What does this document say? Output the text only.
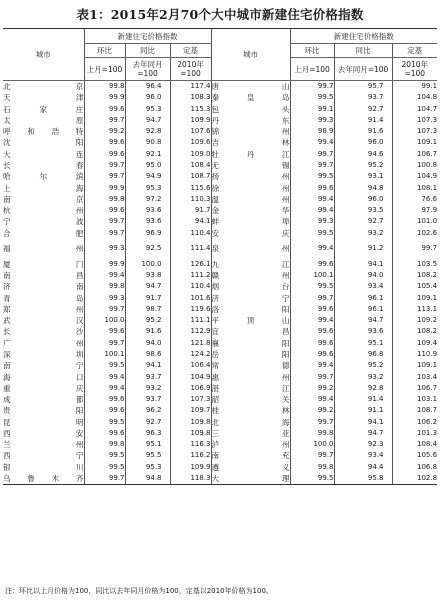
表1：2015年2月70个大中城市新建住宅价格指数
城市	新建住宅价格指数			城市	新建住宅价格指数		
	环比	同比	定基		环比	同比	定基
	上月=100	去年同月=100	2010年=100		上月=100	去年同月=100	2010年=100
北　京	99.8	96.4	117.4	唐　山	99.7	95.7	99.1
天　津	99.9	96.0	108.3	秦皇岛	99.5	93.7	104.8
石家庄	99.6	95.3	115.3	包　头	99.1	92.7	104.7
太　原	99.7	94.7	109.9	丹　东	99.3	91.4	107.3
呼和浩特	99.2	92.8	107.6	锦　州	98.9	91.6	107.3
沈　阳	99.6	90.8	109.6	吉　林	99.4	96.0	109.1
大　连	99.6	92.1	109.0	牡丹江	99.7	94.6	106.7
长　春	99.7	95.0	108.4	无　锡	99.7	95.2	100.8
哈尔滨	99.7	94.9	108.7	扬　州	99.5	93.1	104.9
上　海	99.9	95.3	115.6	徐　州	99.6	94.8	108.1
南　京	99.8	97.2	110.3	温　州	99.4	96.0	76.6
杭　州	99.6	93.6	91.7	金　华	99.4	93.5	97.9
宁　波	99.7	93.6	94.1	蚌　埠	99.3	92.7	101.0
合　肥	99.7	96.9	110.4	安　庆	99.5	93.2	102.6
福　州	99.3	92.5	111.4	泉　州	99.4	91.2	99.7
厦　门	99.9	100.0	126.1	九　江	99.6	94.1	103.5
南　昌	99.4	93.8	111.2	赣　州	100.1	94.0	108.2
济　南	99.8	94.7	110.4	烟　台	99.5	93.4	105.4
青　岛	99.3	91.7	101.6	济　宁	99.7	96.1	109.1
郑　州	99.7	98.7	119.6	洛　阳	99.6	96.1	113.1
武　汉	100.0	95.2	111.1	平顶山	99.4	94.7	109.2
长　沙	99.6	91.6	112.9	宜　昌	99.6	93.6	108.2
广　州	99.7	94.0	121.8	襄　阳	99.6	95.1	109.4
深　圳	100.1	98.6	124.2	岳　阳	99.6	96.8	110.9
南　宁	99.5	94.1	106.4	常　德	99.4	95.2	109.1
海　口	99.4	93.7	104.9	惠　州	99.7	93.2	103.4
重　庆	99.4	93.2	106.9	湛　江	99.2	92.8	106.7
成　都	99.6	93.7	107.3	韶　关	99.4	91.4	103.1
贵　阳	99.6	96.2	109.7	桂　林	99.2	91.1	108.7
昆　明	99.5	92.7	109.8	北　海	99.7	94.1	106.2
西　安	99.6	96.3	109.8	三　亚	99.8	94.7	101.3
兰　州	99.8	95.1	116.3	泸　州	100.0	92.3	108.4
西　宁	99.5	95.5	116.2	南　充	99.7	93.4	105.6
银　川	99.5	95.3	109.9	遵　义	99.8	94.4	106.8
乌鲁木齐	99.7	94.8	118.3	大　理	99.5	95.8	102.8
注：环比以上月价格为100，同比以去年同月价格为100，定基以2010年价格为100。
